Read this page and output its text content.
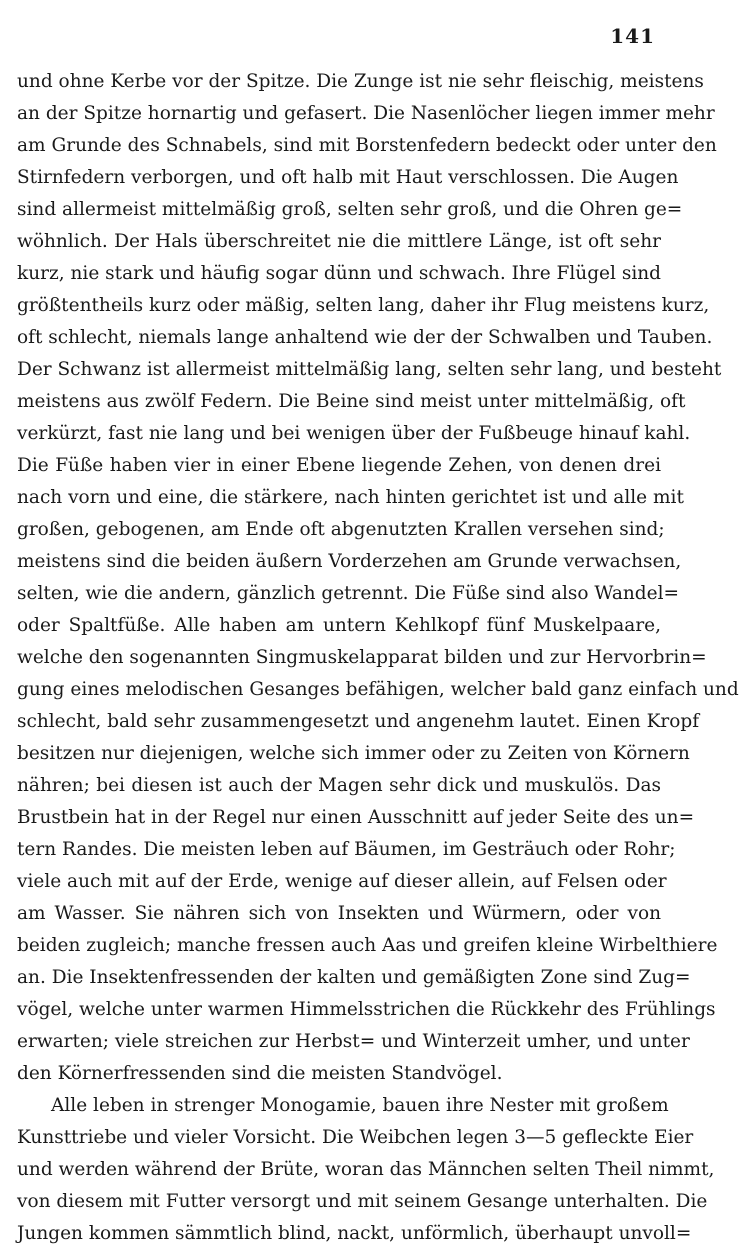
141
und ohne Kerbe vor der Spitze. Die Zunge ist nie sehr fleischig, meistens
an der Spitze hornartig und gefasert. Die Nasenlöcher liegen immer mehr
am Grunde des Schnabels, sind mit Borstenfedern bedeckt oder unter den
Stirnfedern verborgen, und oft halb mit Haut verschlossen. Die Augen
sind allermeist mittelmäßig groß, selten sehr groß, und die Ohren ge=
wöhnlich. Der Hals überschreitet nie die mittlere Länge, ist oft sehr
kurz, nie stark und häufig sogar dünn und schwach. Ihre Flügel sind
größtentheils kurz oder mäßig, selten lang, daher ihr Flug meistens kurz,
oft schlecht, niemals lange anhaltend wie der der Schwalben und Tauben.
Der Schwanz ist allermeist mittelmäßig lang, selten sehr lang, und besteht
meistens aus zwölf Federn. Die Beine sind meist unter mittelmäßig, oft
verkürzt, fast nie lang und bei wenigen über der Fußbeuge hinauf kahl.
Die Füße haben vier in einer Ebene liegende Zehen, von denen drei
nach vorn und eine, die stärkere, nach hinten gerichtet ist und alle mit
großen, gebogenen, am Ende oft abgenutzten Krallen versehen sind;
meistens sind die beiden äußern Vorderzehen am Grunde verwachsen,
selten, wie die andern, gänzlich getrennt. Die Füße sind also Wandel=
oder Spaltfüße. Alle haben am untern Kehlkopf fünf Muskelpaare,
welche den sogenannten Singmuskelapparat bilden und zur Hervorbrin=
gung eines melodischen Gesanges befähigen, welcher bald ganz einfach und
schlecht, bald sehr zusammengesetzt und angenehm lautet. Einen Kropf
besitzen nur diejenigen, welche sich immer oder zu Zeiten von Körnern
nähren; bei diesen ist auch der Magen sehr dick und muskulös. Das
Brustbein hat in der Regel nur einen Ausschnitt auf jeder Seite des un=
tern Randes. Die meisten leben auf Bäumen, im Gesträuch oder Rohr;
viele auch mit auf der Erde, wenige auf dieser allein, auf Felsen oder
am Wasser. Sie nähren sich von Insekten und Würmern, oder von
beiden zugleich; manche fressen auch Aas und greifen kleine Wirbelthiere
an. Die Insektenfressenden der kalten und gemäßigten Zone sind Zug=
vögel, welche unter warmen Himmelsstrichen die Rückkehr des Frühlings
erwarten; viele streichen zur Herbst= und Winterzeit umher, und unter
den Körnerfressenden sind die meisten Standvögel.
Alle leben in strenger Monogamie, bauen ihre Nester mit großem
Kunsttriebe und vieler Vorsicht. Die Weibchen legen 3—5 gefleckte Eier
und werden während der Brüte, woran das Männchen selten Theil nimmt,
von diesem mit Futter versorgt und mit seinem Gesange unterhalten. Die
Jungen kommen sämmtlich blind, nackt, unförmlich, überhaupt unvoll=
